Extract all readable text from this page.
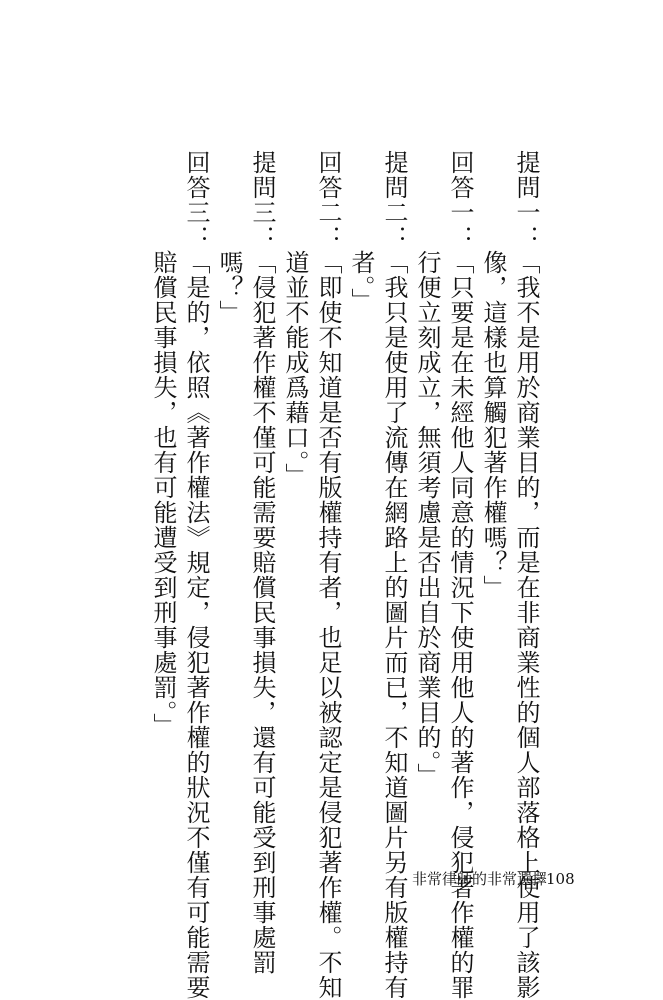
提問一：「我不是用於商業目的，而是在非商業性的個人部落格上使用了該影
　　　　像，這樣也算觸犯著作權嗎？」
回答一：「只要是在未經他人同意的情況下使用他人的著作，侵犯著作權的罪
　　　　行便立刻成立，無須考慮是否出自於商業目的。」
提問二：「我只是使用了流傳在網路上的圖片而已，不知道圖片另有版權持有
　　　　者。」
回答二：「即使不知道是否有版權持有者，也足以被認定是侵犯著作權。不知
　　　　道並不能成爲藉口。」
提問三：「侵犯著作權不僅可能需要賠償民事損失，還有可能受到刑事處罰
　　　　嗎？」
回答三：「是的，依照《著作權法》規定，侵犯著作權的狀況不僅有可能需要
　　　　賠償民事損失，也有可能遭受到刑事處罰。」
非常律師的非常選擇
108
